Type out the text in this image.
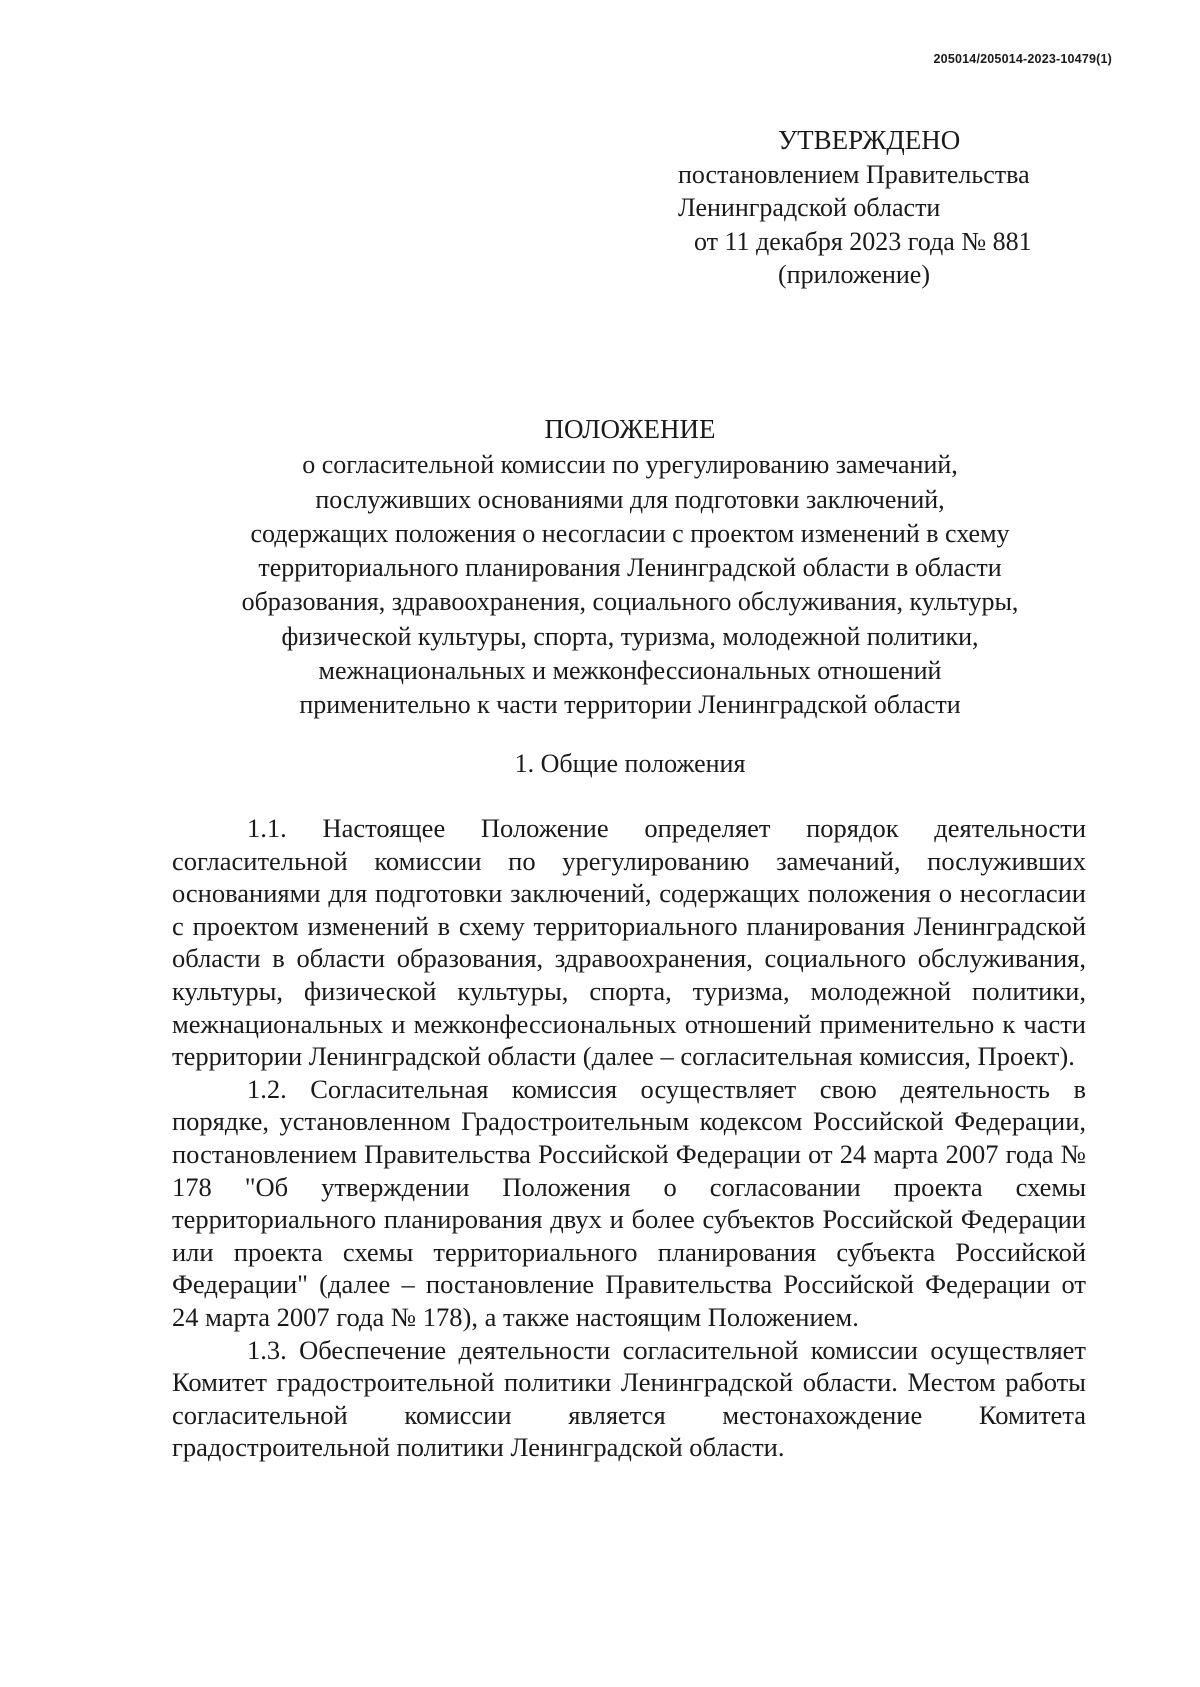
205014/205014-2023-10479(1)
УТВЕРЖДЕНО
постановлением Правительства
Ленинградской области
от 11 декабря 2023 года № 881
(приложение)
ПОЛОЖЕНИЕ
о согласительной комиссии по урегулированию замечаний,
послуживших основаниями для подготовки заключений,
содержащих положения о несогласии с проектом изменений в схему
территориального планирования Ленинградской области в области
образования, здравоохранения, социального обслуживания, культуры,
физической культуры, спорта, туризма, молодежной политики,
межнациональных и межконфессиональных отношений
применительно к части территории Ленинградской области
1. Общие положения

1.1. Настоящее Положение определяет порядок деятельности согласительной комиссии по урегулированию замечаний, послуживших основаниями для подготовки заключений, содержащих положения о несогласии с проектом изменений в схему территориального планирования Ленинградской области в области образования, здравоохранения, социального обслуживания, культуры, физической культуры, спорта, туризма, молодежной политики, межнациональных и межконфессиональных отношений применительно к части территории Ленинградской области (далее – согласительная комиссия, Проект).

1.2. Согласительная комиссия осуществляет свою деятельность в порядке, установленном Градостроительным кодексом Российской Федерации, постановлением Правительства Российской Федерации от 24 марта 2007 года № 178 "Об утверждении Положения о согласовании проекта схемы территориального планирования двух и более субъектов Российской Федерации или проекта схемы территориального планирования субъекта Российской Федерации" (далее – постановление Правительства Российской Федерации от 24 марта 2007 года № 178), а также настоящим Положением.

1.3. Обеспечение деятельности согласительной комиссии осуществляет Комитет градостроительной политики Ленинградской области. Местом работы согласительной комиссии является местонахождение Комитета градостроительной политики Ленинградской области.
